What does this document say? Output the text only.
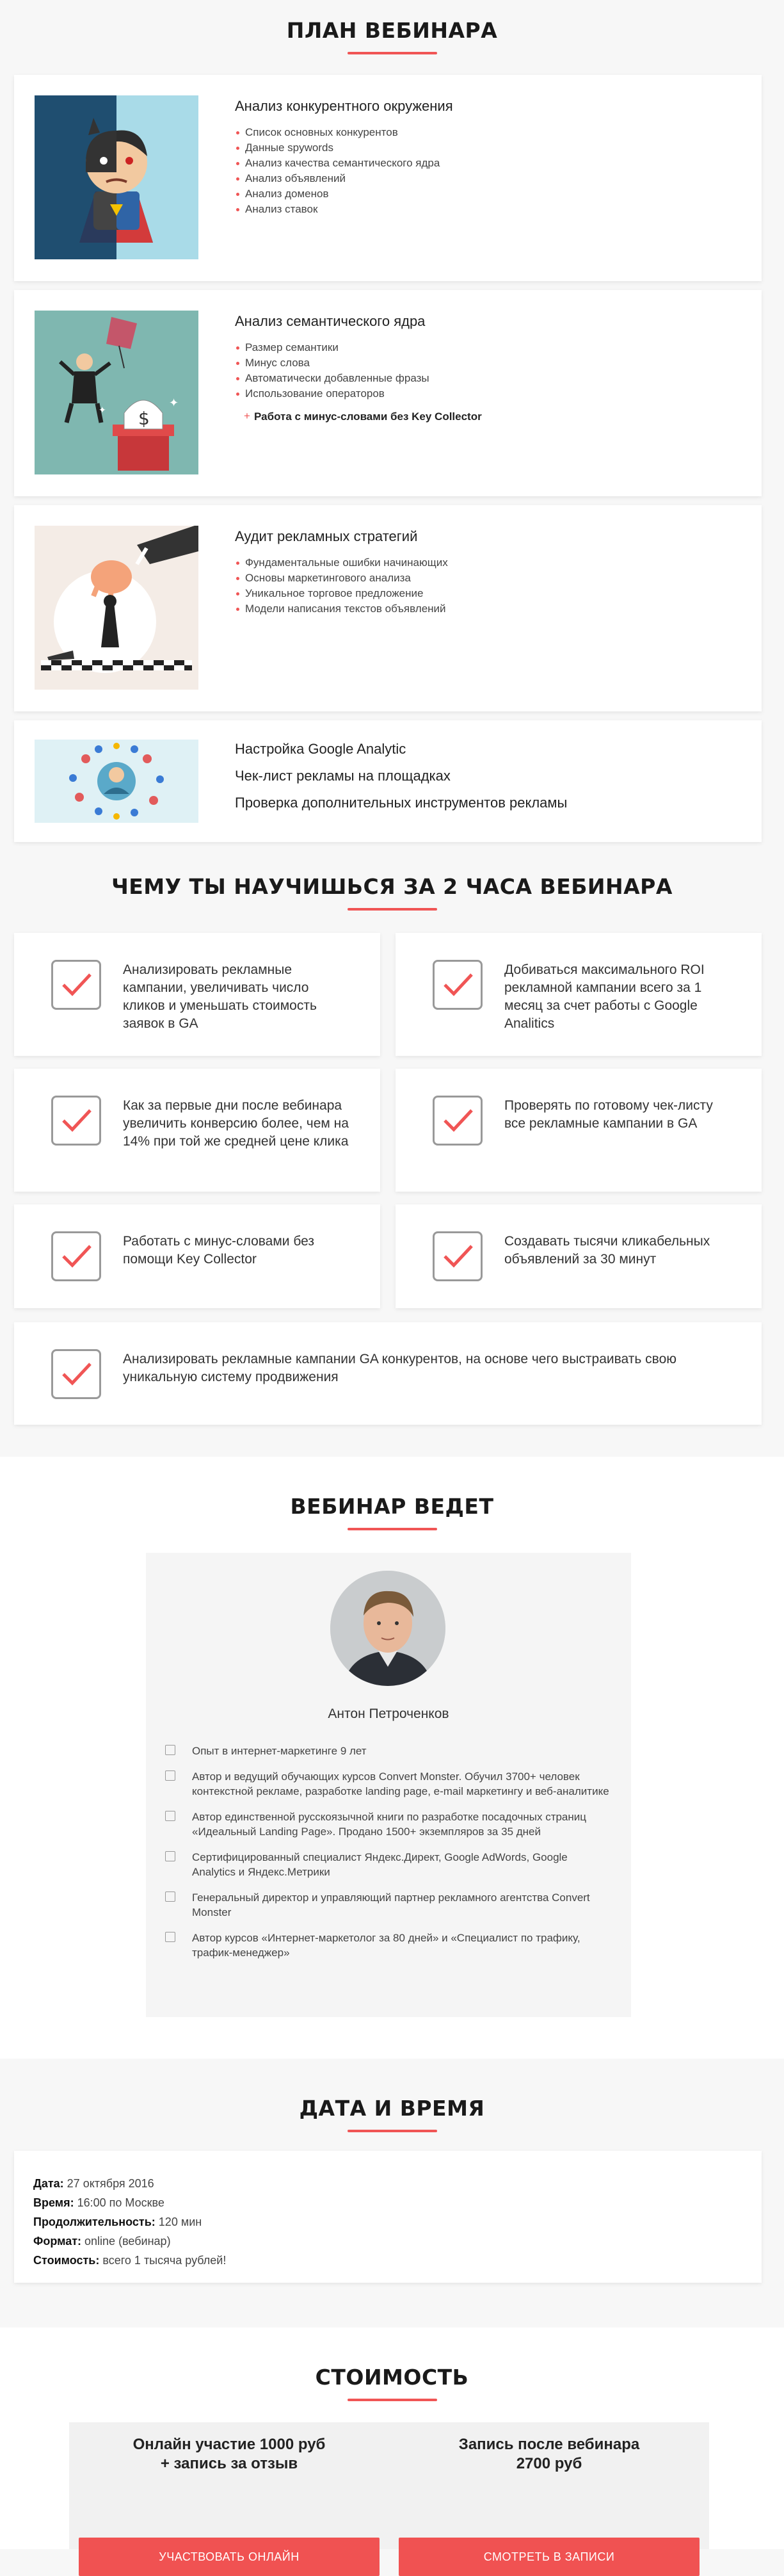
ПЛАН ВЕБИНАРА
Анализ конкурентного окружения
Список основных конкурентов
Данные spywords
Анализ качества семантического ядра
Анализ объявлений
Анализ доменов
Анализ ставок
$
✦
✦
Анализ семантического ядра
Размер семантики
Минус слова
Автоматически добавленные фразы
Использование операторов
+ Работа с минус-словами без Key Collector
Аудит рекламных стратегий
Фундаментальные ошибки начинающих
Основы маркетингового анализа
Уникальное торговое предложение
Модели написания текстов объявлений
Настройка Google Analytic
Чек-лист рекламы на площадках
Проверка дополнительных инструментов рекламы
ЧЕМУ ТЫ НАУЧИШЬСЯ ЗА 2 ЧАСА ВЕБИНАРА
Анализировать рекламные кампании, увеличивать число кликов и уменьшать стоимость заявок в GA
Добиваться максимального ROI рекламной кампании всего за 1 месяц за счет работы с Google Analitics
Как за первые дни после вебинара увеличить конверсию более, чем на 14% при той же средней цене клика
Проверять по готовому чек-листу все рекламные кампании в GA
Работать с минус-словами без помощи Key Collector
Создавать тысячи кликабельных объявлений за 30 минут
Анализировать рекламные кампании GA конкурентов, на основе чего выстраивать свою уникальную систему продвижения
ВЕБИНАР ВЕДЕТ
Антон Петроченков
Опыт в интернет-маркетинге 9 лет
Автор и ведущий обучающих курсов Convert Monster. Обучил 3700+ человек контекстной рекламе, разработке landing page, e-mail маркетингу и веб-аналитике
Автор единственной русскоязычной книги по разработке посадочных страниц «Идеальный Landing Page». Продано 1500+ экземпляров за 35 дней
Сертифицированный специалист Яндекс.Директ, Google AdWords, Google Analytics и Яндекс.Метрики
Генеральный директор и управляющий партнер рекламного агентства Convert Monster
Автор курсов «Интернет-маркетолог за 80 дней» и «Специалист по трафику, трафик-менеджер»
ДАТА И ВРЕМЯ
Дата: 27 октября 2016
Время: 16:00 по Москве
Продолжительность: 120 мин
Формат: online (вебинар)
Стоимость: всего 1 тысяча рублей!
СТОИМОСТЬ
Онлайн участие 1000 руб
+ запись за отзыв
Запись после вебинара
2700 руб
УЧАСТВОВАТЬ ОНЛАЙН	СМОТРЕТЬ В ЗАПИСИ
